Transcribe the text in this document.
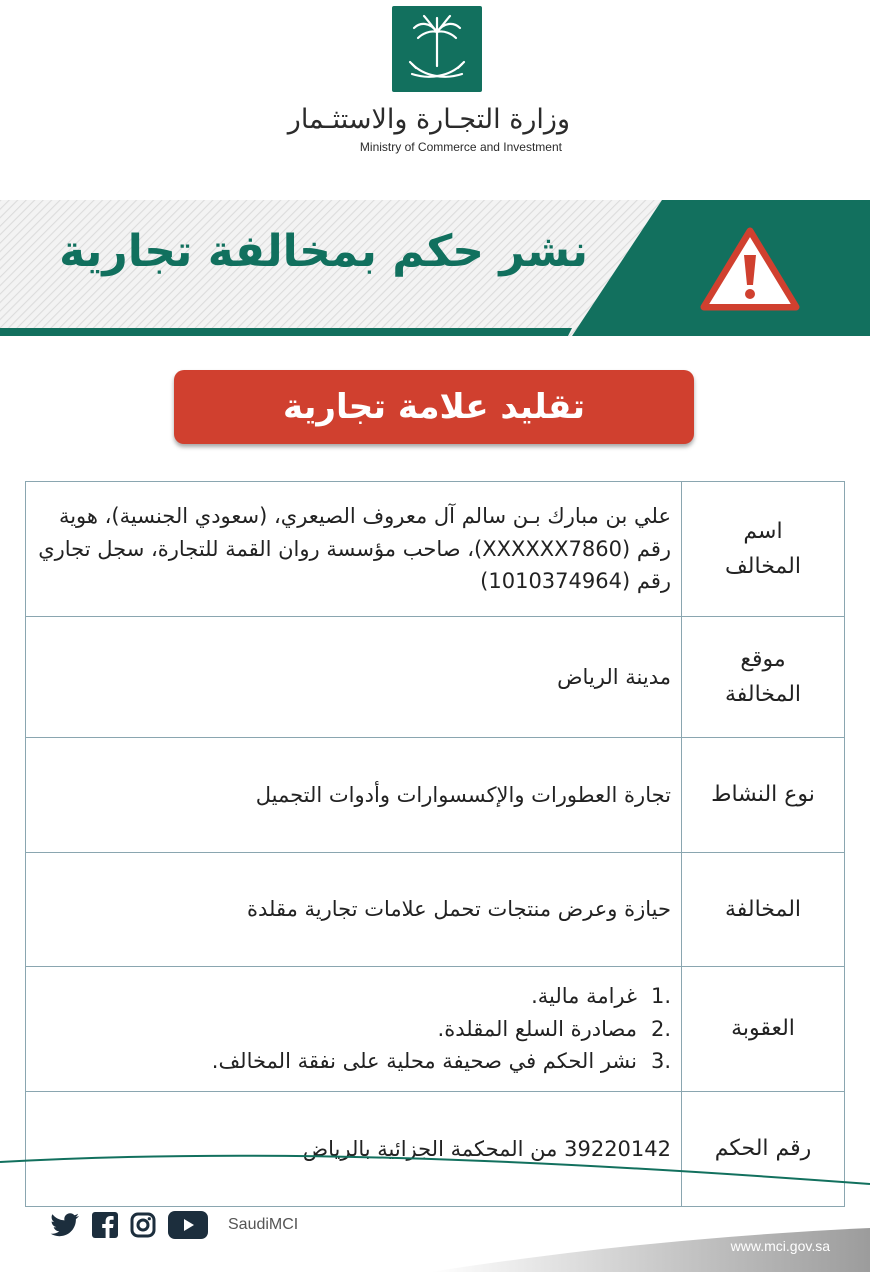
وزارة التجـارة والاستثـمار
Ministry of Commerce and Investment
نشر حكم بمخالفة تجارية
تقليد علامة تجارية
اسم
المخالف	علي بن مبارك بـن سالم آل معروف الصيعري، (سعودي الجنسية)، هوية رقم (XXXXXX7860)، صاحب مؤسسة روان القمة للتجارة، سجل تجاري رقم (1010374964)

موقع
المخالفة	مدينة الرياض
نوع النشاط	تجارة العطورات والإكسسوارات وأدوات التجميل
المخالفة	حيازة وعرض منتجات تحمل علامات تجارية مقلدة
العقوبة	1.غرامة مالية.
2.مصادرة السلع المقلدة.
3.نشر الحكم في صحيفة محلية على نفقة المخالف.

رقم الحكم	39220142 من المحكمة الجزائية بالرياض
SaudiMCI
www.mci.gov.sa
